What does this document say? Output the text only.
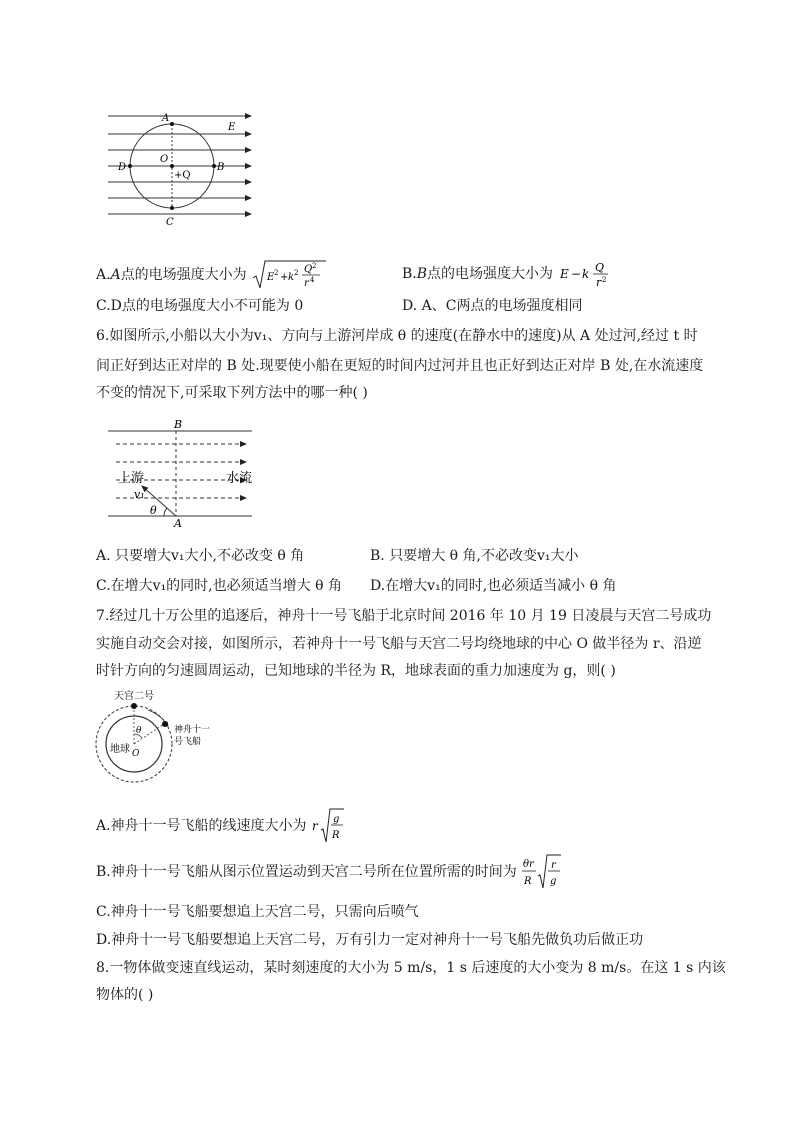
A
E
D
O
B
+Q
C
A.A点的电场强度大小为 E 2 + k 2 Q 2
r 4	B.B点的电场强度大小为 E − k Q
r 2
C.D点的电场强度大小不可能为 0	D. A、C两点的电场强度相同
6.如图所示,小船以大小为v₁、方向与上游河岸成 θ 的速度(在静水中的速度)从 A 处过河,经过 t 时
间正好到达正对岸的 B 处.现要使小船在更短的时间内过河并且也正好到达正对岸 B 处,在水流速度
不变的情况下,可采取下列方法中的哪一种( )
B
上游	水流
v₁
θ
A
A. 只要增大v₁大小,不必改变 θ 角	B. 只要增大 θ 角,不必改变v₁大小
C.在增大v₁的同时,也必须适当增大 θ 角 D.在增大v₁的同时,也必须适当减小 θ 角
7.经过几十万公里的追逐后，神舟十一号飞船于北京时间 2016 年 10 月 19 日凌晨与天宫二号成功
实施自动交会对接，如图所示，若神舟十一号飞船与天宫二号均绕地球的中心 O 做半径为 r、沿逆
时针方向的匀速圆周运动，已知地球的半径为 R，地球表面的重力加速度为 g，则( )
天宫二号
θ
地球 O
神舟十一
号飞船
A.神舟十一号飞船的线速度大小为 r g
R
B.神舟十一号飞船从图示位置运动到天宫二号所在位置所需的时间为 θr
R
r
g
C.神舟十一号飞船要想追上天宫二号，只需向后喷气
D.神舟十一号飞船要想追上天宫二号，万有引力一定对神舟十一号飞船先做负功后做正功
8.一物体做变速直线运动，某时刻速度的大小为 5 m/s，1 s 后速度的大小变为 8 m/s。在这 1 s 内该
物体的( )
